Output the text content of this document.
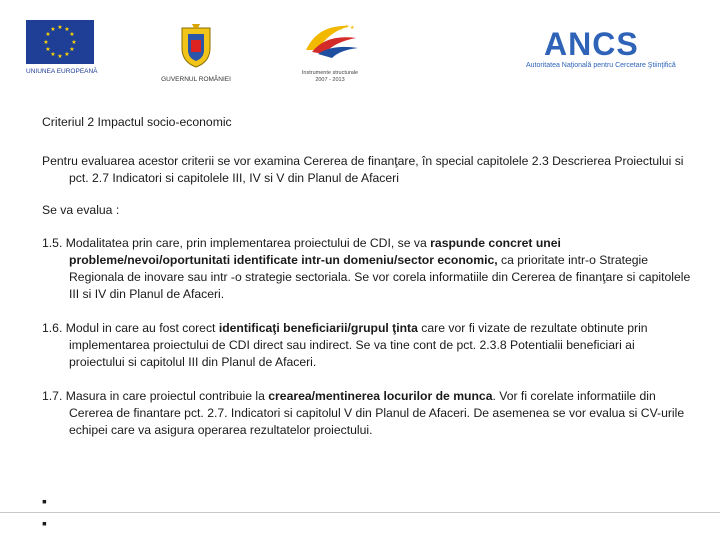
★ ★
★
★
★
★
★
★
★
★
★
★
UNIUNEA EUROPEANĂ
GUVERNUL ROMÂNIEI
★ ★ ★
Instrumente structurale
2007 - 2013
ANCS
Autoritatea Naţională pentru Cercetare Ştiinţifică

Criteriul 2 Impactul socio-economic

Pentru evaluarea acestor criterii se vor examina Cererea de finanţare, în special capitolele 2.3 Descrierea Proiectului si pct. 2.7 Indicatori si capitolele III, IV si V din Planul de Afaceri

Se va evalua :

1.5. Modalitatea prin care, prin implementarea proiectului de CDI, se va raspunde concret unei probleme/nevoi/oportunitati identificate intr-un domeniu/sector economic, ca prioritate intr-o Strategie Regionala de inovare sau intr -o strategie sectoriala. Se vor corela informatiile din Cererea de finanţare si capitolele III si IV din Planul de Afaceri.

1.6. Modul in care au fost corect identificaţi beneficiarii/grupul ţinta care vor fi vizate de rezultate obtinute prin implementarea proiectului de CDI direct sau indirect. Se va tine cont de pct. 2.3.8 Potentialii beneficiari ai proiectului si capitolul III din Planul de Afaceri.

1.7. Masura in care proiectul contribuie la crearea/mentinerea locurilor de munca. Vor fi corelate informatiile din Cererea de finantare pct. 2.7. Indicatori si capitolul V din Planul de Afaceri. De asemenea se vor evalua si CV-urile echipei care va asigura operarea rezultatelor proiectului.

▪
▪
